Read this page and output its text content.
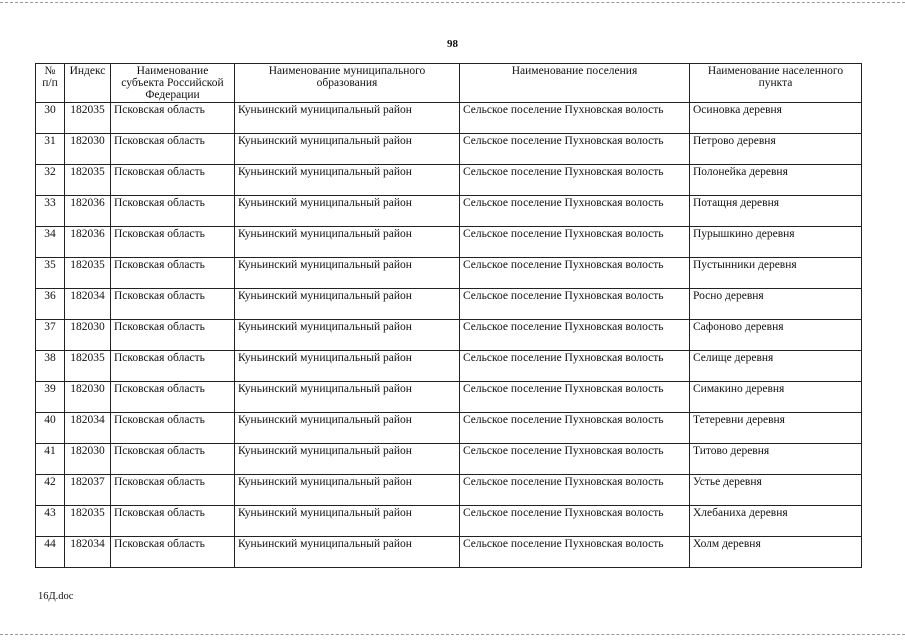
98
№ п/п	Индекс	Наименование субъекта Российской Федерации	Наименование муниципального образования	Наименование поселения	Наименование населенного пункта
30	182035	Псковская область	Куньинский муниципальный район	Сельское поселение Пухновская волость	Осиновка деревня
31	182030	Псковская область	Куньинский муниципальный район	Сельское поселение Пухновская волость	Петрово деревня
32	182035	Псковская область	Куньинский муниципальный район	Сельское поселение Пухновская волость	Полонейка деревня
33	182036	Псковская область	Куньинский муниципальный район	Сельское поселение Пухновская волость	Потащня деревня
34	182036	Псковская область	Куньинский муниципальный район	Сельское поселение Пухновская волость	Пурышкино деревня
35	182035	Псковская область	Куньинский муниципальный район	Сельское поселение Пухновская волость	Пустынники деревня
36	182034	Псковская область	Куньинский муниципальный район	Сельское поселение Пухновская волость	Росно деревня
37	182030	Псковская область	Куньинский муниципальный район	Сельское поселение Пухновская волость	Сафоново деревня
38	182035	Псковская область	Куньинский муниципальный район	Сельское поселение Пухновская волость	Селище деревня
39	182030	Псковская область	Куньинский муниципальный район	Сельское поселение Пухновская волость	Симакино деревня
40	182034	Псковская область	Куньинский муниципальный район	Сельское поселение Пухновская волость	Тетеревни деревня
41	182030	Псковская область	Куньинский муниципальный район	Сельское поселение Пухновская волость	Титово деревня
42	182037	Псковская область	Куньинский муниципальный район	Сельское поселение Пухновская волость	Устье деревня
43	182035	Псковская область	Куньинский муниципальный район	Сельское поселение Пухновская волость	Хлебаниха деревня
44	182034	Псковская область	Куньинский муниципальный район	Сельское поселение Пухновская волость	Холм деревня
16Д.doc
